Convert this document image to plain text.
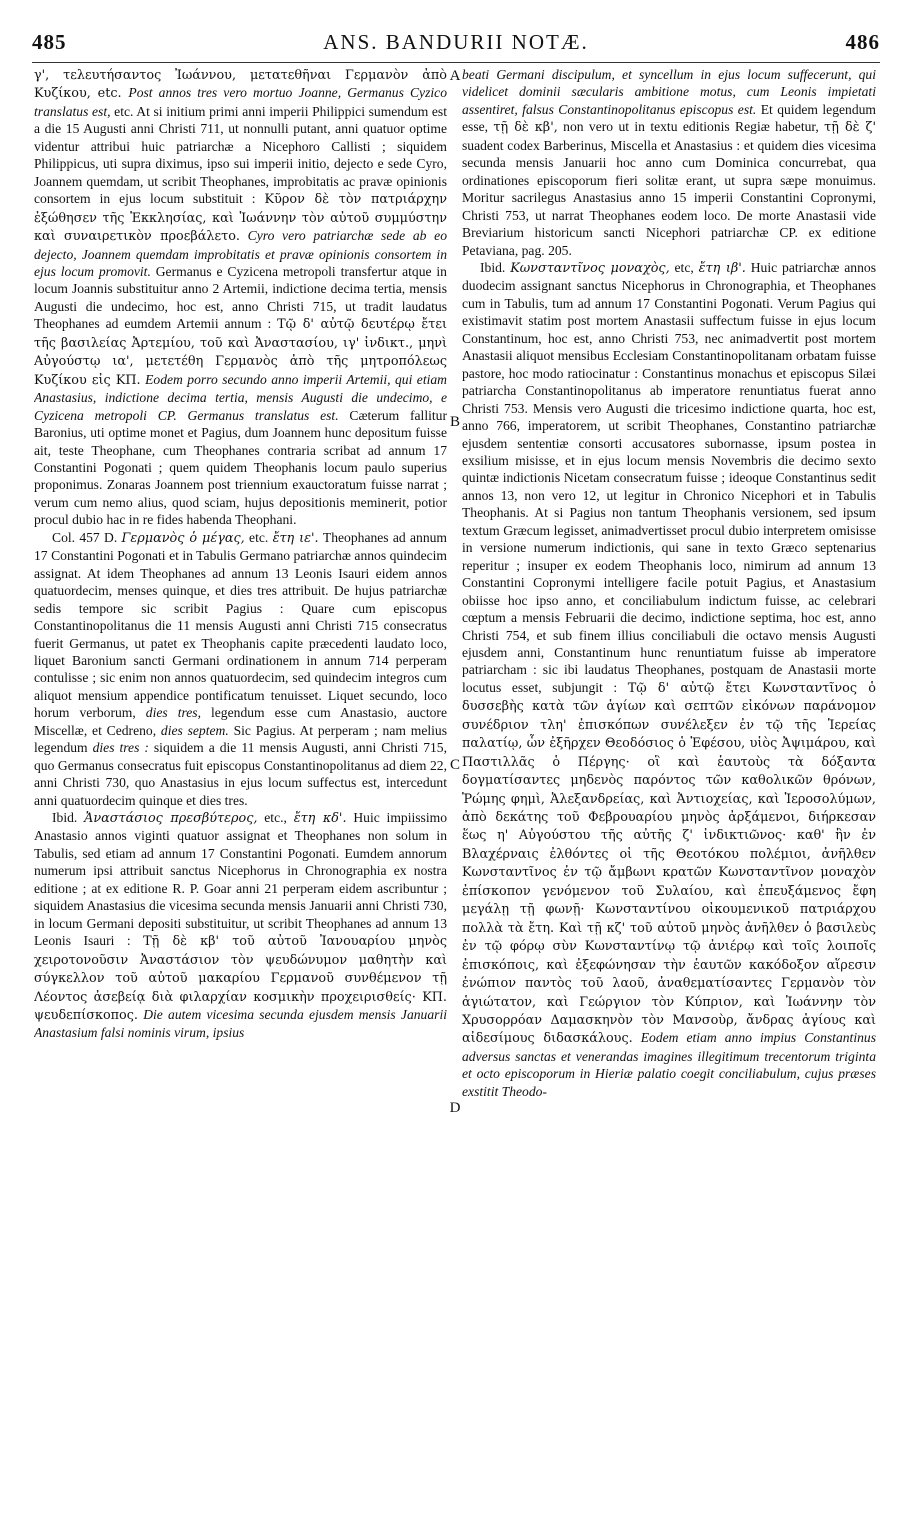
485	ANS. BANDURII NOTÆ.	486

γ', τελευτήσαντος Ἰωάννου, μετατεθῆναι Γερμανὸν ἀπὸ Κυζίκου, etc. Post annos tres vero mortuo Joanne, Germanus Cyzico translatus est, etc. At si initium primi anni imperii Philippici sumendum est a die 15 Augusti anni Christi 711, ut nonnulli putant, anni quatuor optime videntur attribui huic patriarchæ a Nicephoro Callisti ; siquidem Philippicus, uti supra diximus, ipso sui imperii initio, dejecto e sede Cyro, Joannem quemdam, ut scribit Theophanes, improbitatis ac pravæ opinionis consortem in ejus locum substituit : Κῦρον δὲ τὸν πατριάρχην ἐξώθησεν τῆς Ἐκκλησίας, καὶ Ἰωάννην τὸν αὐτοῦ συμμύστην καὶ συναιρετικὸν προεβάλετο. Cyro vero patriarchæ sede ab eo dejecto, Joannem quemdam improbitatis et pravæ opinionis consortem in ejus locum promovit. Germanus e Cyzicena metropoli transfertur atque in locum Joannis substituitur anno 2 Artemii, indictione decima tertia, mensis Augusti die undecimo, hoc est, anno Christi 715, ut tradit laudatus Theophanes ad eumdem Artemii annum : Τῷ δ' αὐτῷ δευτέρῳ ἔτει τῆς βασιλείας Ἀρτεμίου, τοῦ καὶ Ἀναστασίου, ιγ' ἰνδικτ., μηνὶ Αὐγούστῳ ια', μετετέθη Γερμανὸς ἀπὸ τῆς μητροπόλεως Κυζίκου εἰς ΚΠ. Eodem porro secundo anno imperii Artemii, qui etiam Anastasius, indictione decima tertia, mensis Augusti die undecimo, e Cyzicena metropoli CP. Germanus translatus est. Cæterum fallitur Baronius, uti optime monet et Pagius, dum Joannem hunc depositum fuisse ait, teste Theophane, cum Theophanes contraria scribat ad annum 17 Constantini Pogonati ; quem quidem Theophanis locum paulo superius proponimus. Zonaras Joannem post triennium exauctoratum fuisse narrat ; verum cum nemo alius, quod sciam, hujus depositionis meminerit, potior procul dubio hac in re fides habenda Theophani.

Col. 457 D. Γερμανὸς ὁ μέγας, etc. ἔτη ιε'. Theophanes ad annum 17 Constantini Pogonati et in Tabulis Germano patriarchæ annos quindecim assignat. At idem Theophanes ad annum 13 Leonis Isauri eidem annos quatuordecim, menses quinque, et dies tres attribuit. De hujus patriarchæ sedis tempore sic scribit Pagius : Quare cum episcopus Constantinopolitanus die 11 mensis Augusti anni Christi 715 consecratus fuerit Germanus, ut patet ex Theophanis capite præcedenti laudato loco, liquet Baronium sancti Germani ordinationem in annum 714 perperam contulisse ; sic enim non annos quatuordecim, sed quindecim integros cum aliquot mensium appendice pontificatum tenuisset. Liquet secundo, loco horum verborum, dies tres, legendum esse cum Anastasio, auctore Miscellæ, et Cedreno, dies septem. Sic Pagius. At perperam ; nam melius legendum dies tres : siquidem a die 11 mensis Augusti, anni Christi 715, quo Germanus consecratus fuit episcopus Constantinopolitanus ad diem 22, anni Christi 730, quo Anastasius in ejus locum suffectus est, intercedunt anni quatuordecim quinque et dies tres.

Ibid. Ἀναστάσιος πρεσβύτερος, etc., ἔτη κδ'. Huic impiissimo Anastasio annos viginti quatuor assignat et Theophanes non solum in Tabulis, sed etiam ad annum 17 Constantini Pogonati. Eumdem annorum numerum ipsi attribuit sanctus Nicephorus in Chronographia ex nostra editione ; at ex editione R. P. Goar anni 21 perperam eidem ascribuntur ; siquidem Anastasius die vicesima secunda mensis Januarii anni Christi 730, in locum Germani depositi substituitur, ut scribit Theophanes ad annum 13 Leonis Isauri : Τῇ δὲ κβ' τοῦ αὐτοῦ Ἰανουαρίου μηνὸς χειροτονοῦσιν Ἀναστάσιον τὸν ψευδώνυμον μαθητὴν καὶ σύγκελλον τοῦ αὐτοῦ μακαρίου Γερμανοῦ συνθέμενον τῇ Λέοντος ἀσεβείᾳ διὰ φιλαρχίαν κοσμικὴν προχειρισθείς· ΚΠ. ψευδεπίσκοπος. Die autem vicesima secunda ejusdem mensis Januarii Anastasium falsi nominis virum, ipsius

A
B
C
D

beati Germani discipulum, et syncellum in ejus locum suffecerunt, qui videlicet dominii sæcularis ambitione motus, cum Leonis impietati assentiret, falsus Constantinopolitanus episcopus est. Et quidem legendum esse, τῇ δὲ κβ', non vero ut in textu editionis Regiæ habetur, τῇ δὲ ζ' suadent codex Barberinus, Miscella et Anastasius : et quidem dies vicesima secunda mensis Januarii hoc anno cum Dominica concurrebat, qua ordinationes episcoporum fieri solitæ erant, ut supra sæpe monuimus. Moritur sacrilegus Anastasius anno 15 imperii Constantini Copronymi, Christi 753, ut narrat Theophanes eodem loco. De morte Anastasii vide Breviarium historicum sancti Nicephori patriarchæ CP. ex editione Petaviana, pag. 205.

Ibid. Κωνσταντῖνος μοναχὸς, etc, ἔτη ιβ'. Huic patriarchæ annos duodecim assignant sanctus Nicephorus in Chronographia, et Theophanes cum in Tabulis, tum ad annum 17 Constantini Pogonati. Verum Pagius qui existimavit statim post mortem Anastasii suffectum fuisse in ejus locum Constantinum, hoc est, anno Christi 753, nec animadvertit post mortem Anastasii aliquot mensibus Ecclesiam Constantinopolitanam orbatam fuisse pastore, hoc modo ratiocinatur : Constantinus monachus et episcopus Silæi patriarcha Constantinopolitanus ab imperatore renuntiatus fuerat anno Christi 753. Mensis vero Augusti die tricesimo indictione quarta, hoc est, anno 766, imperatorem, ut scribit Theophanes, Constantino patriarchæ ejusdem sententiæ consorti accusatores subornasse, ipsum postea in exsilium misisse, et in ejus locum mensis Novembris die decimo sexto quintæ indictionis Nicetam consecratum fuisse ; ideoque Constantinus sedit annos 13, non vero 12, ut legitur in Chronico Nicephori et in Tabulis Theophanis. At si Pagius non tantum Theophanis versionem, sed ipsum textum Græcum legisset, animadvertisset procul dubio interpretem omisisse in versione numerum indictionis, qui sane in texto Græco septenarius reperitur ; insuper ex eodem Theophanis loco, nimirum ad annum 13 Constantini Copronymi intelligere facile potuit Pagius, et Anastasium obiisse hoc ipso anno, et conciliabulum indictum fuisse, ac celebrari cœptum a mensis Februarii die decimo, indictione septima, hoc est, anno Christi 754, et sub finem illius conciliabuli die octavo mensis Augusti ejusdem anni, Constantinum hunc renuntiatum fuisse ab imperatore patriarcham : sic ibi laudatus Theophanes, postquam de Anastasii morte locutus esset, subjungit : Τῷ δ' αὐτῷ ἔτει Κωνσταντῖνος ὁ δυσσεβὴς κατὰ τῶν ἁγίων καὶ σεπτῶν εἰκόνων παράνομον συνέδριον τλη' ἐπισκόπων συνέλεξεν ἐν τῷ τῆς Ἱερείας παλατίῳ, ὧν ἐξῆρχεν Θεοδόσιος ὁ Ἐφέσου, υἱὸς Ἀψιμάρου, καὶ Παστιλλᾶς ὁ Πέργης· οἳ καὶ ἑαυτοὺς τὰ δόξαντα δογματίσαντες μηδενὸς παρόντος τῶν καθολικῶν θρόνων, Ῥώμης φημὶ, Ἀλεξανδρείας, καὶ Ἀντιοχείας, καὶ Ἱεροσολύμων, ἀπὸ δεκάτης τοῦ Φεβρουαρίου μηνὸς ἀρξάμενοι, διήρκεσαν ἕως η' Αὐγούστου τῆς αὐτῆς ζ' ἰνδικτιῶνος· καθ' ἣν ἐν Βλαχέρναις ἐλθόντες οἱ τῆς Θεοτόκου πολέμιοι, ἀνῆλθεν Κωνσταντῖνος ἐν τῷ ἄμβωνι κρατῶν Κωνσταντῖνον μοναχὸν ἐπίσκοπον γενόμενον τοῦ Συλαίου, καὶ ἐπευξάμενος ἔφη μεγάλῃ τῇ φωνῇ· Κωνσταντίνου οἰκουμενικοῦ πατριάρχου πολλὰ τὰ ἔτη. Καὶ τῇ κζ' τοῦ αὐτοῦ μηνὸς ἀνῆλθεν ὁ βασιλεὺς ἐν τῷ φόρῳ σὺν Κωνσταντίνῳ τῷ ἀνιέρῳ καὶ τοῖς λοιποῖς ἐπισκόποις, καὶ ἐξεφώνησαν τὴν ἑαυτῶν κακόδοξον αἵρεσιν ἐνώπιον παντὸς τοῦ λαοῦ, ἀναθεματίσαντες Γερμανὸν τὸν ἁγιώτατον, καὶ Γεώργιον τὸν Κύπριον, καὶ Ἰωάννην τὸν Χρυσορρόαν Δαμασκηνὸν τὸν Μανσοὺρ, ἄνδρας ἁγίους καὶ αἰδεσίμους διδασκάλους. Eodem etiam anno impius Constantinus adversus sanctas et venerandas imagines illegitimum trecentorum triginta et octo episcoporum in Hieriæ palatio coegit conciliabulum, cujus præses exstitit Theodo-
